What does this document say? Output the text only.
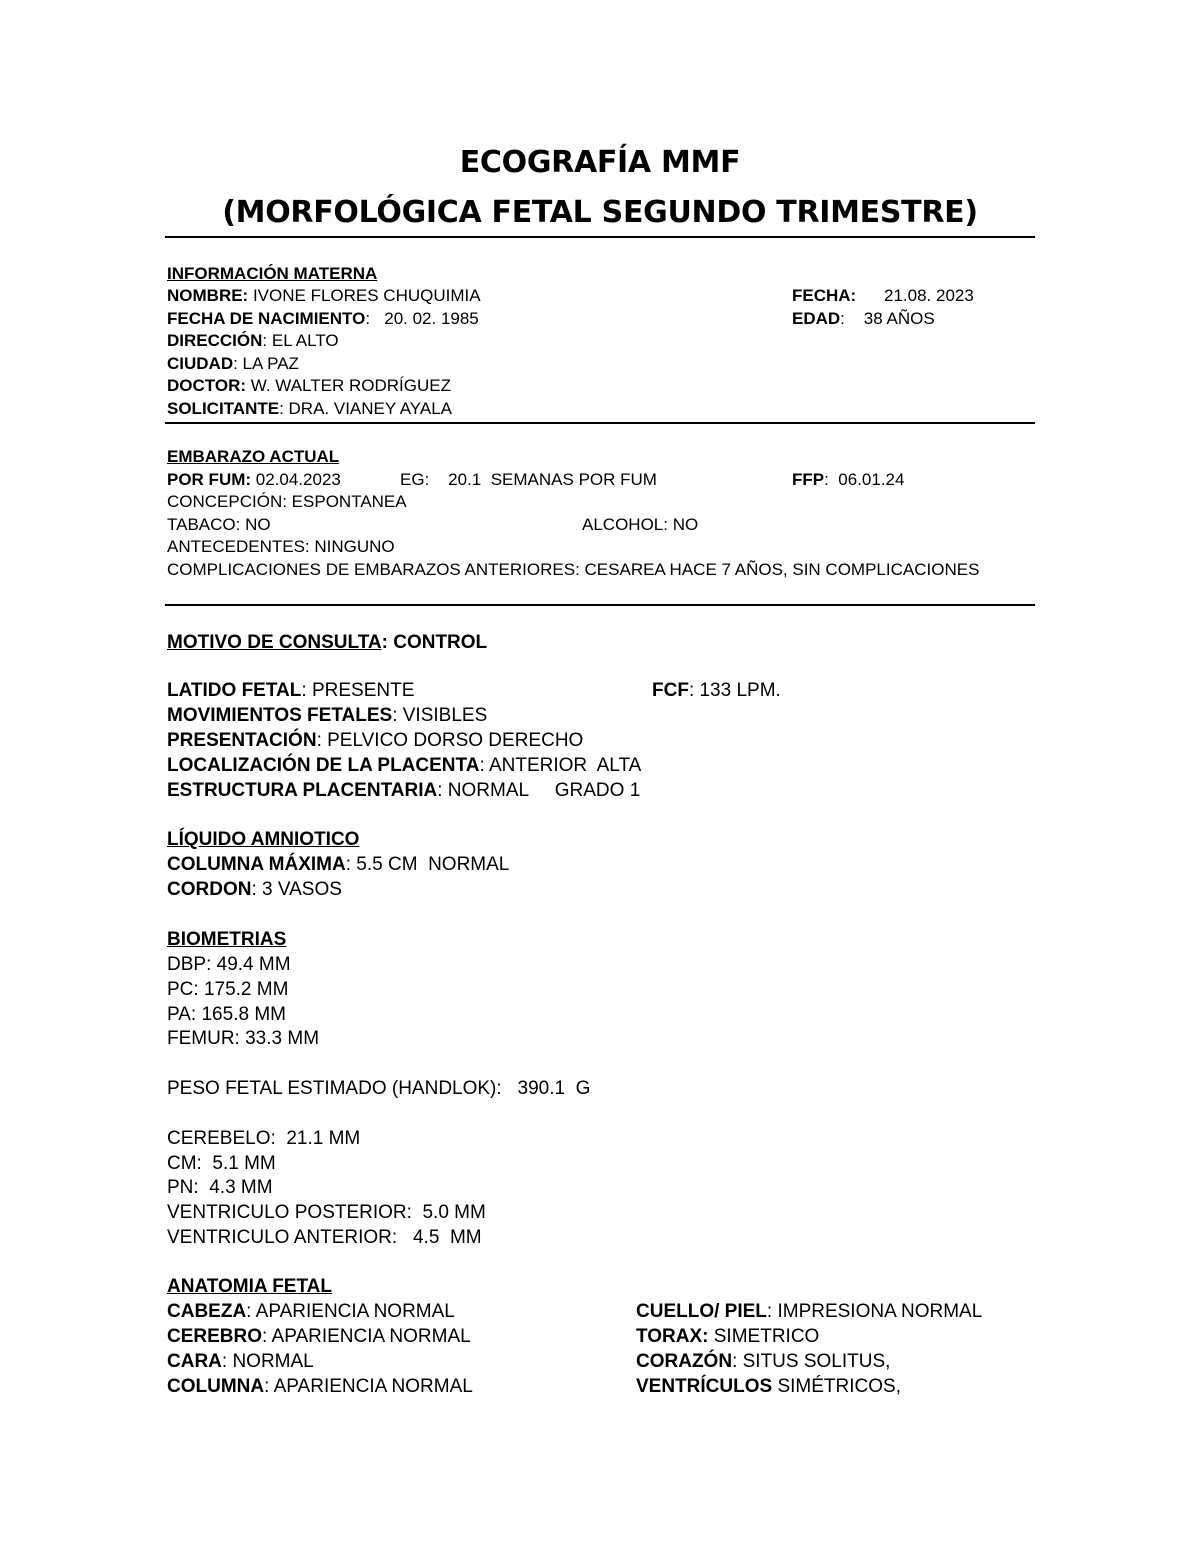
ECOGRAFÍA MMF
(MORFOLÓGICA FETAL SEGUNDO TRIMESTRE)
INFORMACIÓN MATERNA
NOMBRE: IVONE FLORES CHUQUIMIA	FECHA: 21.08. 2023
FECHA DE NACIMIENTO:   20. 02. 1985	EDAD:    38 AÑOS
DIRECCIÓN: EL ALTO
CIUDAD: LA PAZ
DOCTOR: W. WALTER RODRÍGUEZ
SOLICITANTE: DRA. VIANEY AYALA
EMBARAZO ACTUAL
POR FUM: 02.04.2023	EG:    20.1  SEMANAS POR FUM	FFP:  06.01.24
CONCEPCIÓN: ESPONTANEA
TABACO: NO	ALCOHOL: NO
ANTECEDENTES: NINGUNO
COMPLICACIONES DE EMBARAZOS ANTERIORES: CESAREA HACE 7 AÑOS, SIN COMPLICACIONES
MOTIVO DE CONSULTA: CONTROL
LATIDO FETAL: PRESENTE	FCF: 133 LPM.
MOVIMIENTOS FETALES: VISIBLES
PRESENTACIÓN: PELVICO DORSO DERECHO
LOCALIZACIÓN DE LA PLACENTA: ANTERIOR  ALTA
ESTRUCTURA PLACENTARIA: NORMAL     GRADO 1
LÍQUIDO AMNIOTICO
COLUMNA MÁXIMA: 5.5 CM  NORMAL
CORDON: 3 VASOS
BIOMETRIAS
DBP: 49.4 MM
PC: 175.2 MM
PA: 165.8 MM
FEMUR: 33.3 MM
PESO FETAL ESTIMADO (HANDLOK):   390.1  G
CEREBELO:  21.1 MM
CM:  5.1 MM
PN:  4.3 MM
VENTRICULO POSTERIOR:  5.0 MM
VENTRICULO ANTERIOR:   4.5  MM
ANATOMIA FETAL
CABEZA: APARIENCIA NORMAL	CUELLO/ PIEL: IMPRESIONA NORMAL
CEREBRO: APARIENCIA NORMAL	TORAX: SIMETRICO
CARA: NORMAL	CORAZÓN: SITUS SOLITUS,
COLUMNA: APARIENCIA NORMAL	VENTRÍCULOS SIMÉTRICOS,
